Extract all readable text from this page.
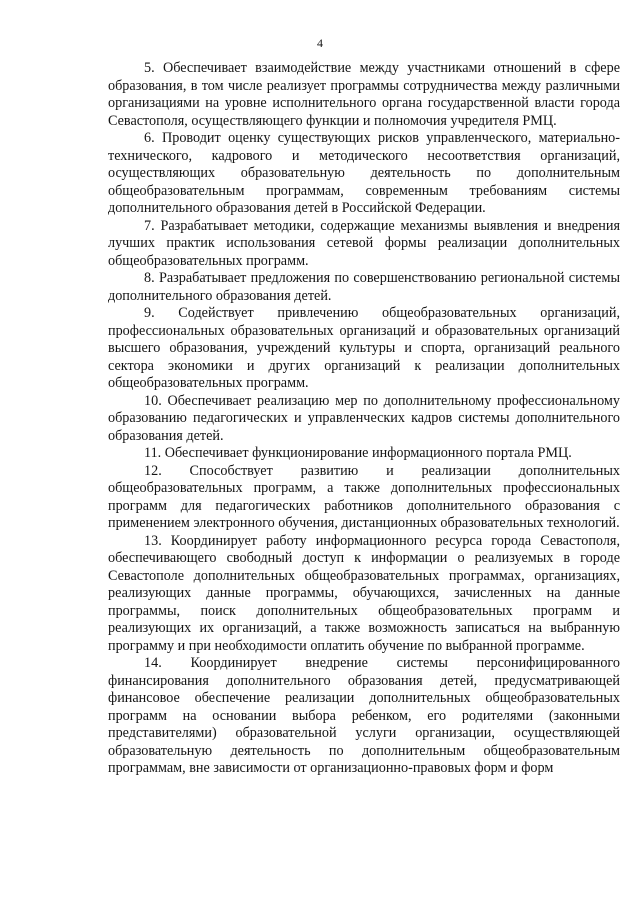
4

5. Обеспечивает взаимодействие между участниками отношений в сфере образования, в том числе реализует программы сотрудничества между различными организациями на уровне исполнительного органа государственной власти города Севастополя, осуществляющего функции и полномочия учредителя РМЦ.

6. Проводит оценку существующих рисков управленческого, материально-технического, кадрового и методического несоответствия организаций, осуществляющих образовательную деятельность по дополнительным общеобразовательным программам, современным требованиям системы дополнительного образования детей в Российской Федерации.

7. Разрабатывает методики, содержащие механизмы выявления и внедрения лучших практик использования сетевой формы реализации дополнительных общеобразовательных программ.

8. Разрабатывает предложения по совершенствованию региональной системы дополнительного образования детей.

9. Содействует привлечению общеобразовательных организаций, профессиональных образовательных организаций и образовательных организаций высшего образования, учреждений культуры и спорта, организаций реального сектора экономики и других организаций к реализации дополнительных общеобразовательных программ.

10. Обеспечивает реализацию мер по дополнительному профессиональному образованию педагогических и управленческих кадров системы дополнительного образования детей.

11. Обеспечивает функционирование информационного портала РМЦ.

12. Способствует развитию и реализации дополнительных общеобразовательных программ, а также дополнительных профессиональных программ для педагогических работников дополнительного образования с применением электронного обучения, дистанционных образовательных технологий.

13. Координирует работу информационного ресурса города Севастополя, обеспечивающего свободный доступ к информации о реализуемых в городе Севастополе дополнительных общеобразовательных программах, организациях, реализующих данные программы, обучающихся, зачисленных на данные программы, поиск дополнительных общеобразовательных программ и реализующих их организаций, а также возможность записаться на выбранную программу и при необходимости оплатить обучение по выбранной программе.

14. Координирует внедрение системы персонифицированного финансирования дополнительного образования детей, предусматривающей финансовое обеспечение реализации дополнительных общеобразовательных программ на основании выбора ребенком, его родителями (законными представителями) образовательной услуги организации, осуществляющей образовательную деятельность по дополнительным общеобразовательным программам, вне зависимости от организационно-правовых форм и форм
